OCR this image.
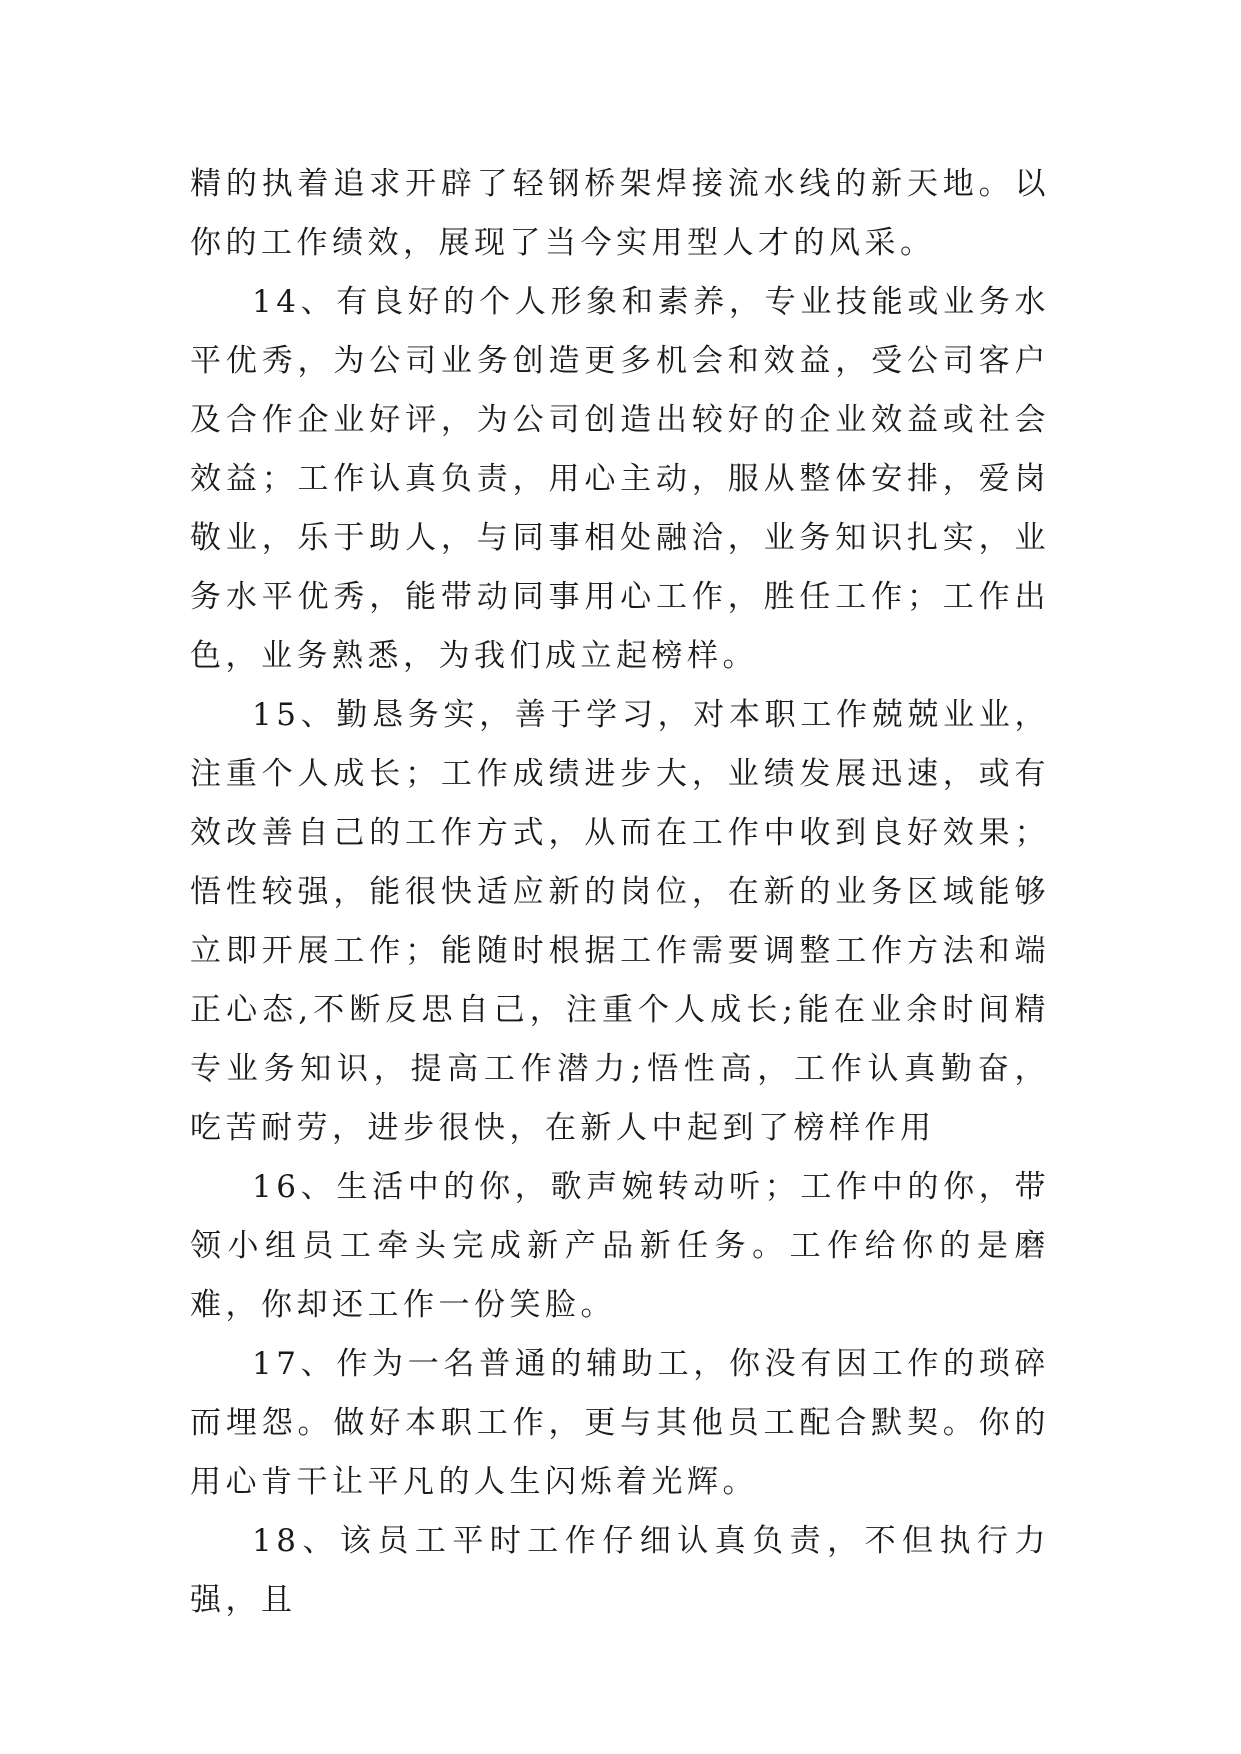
精的执着追求开辟了轻钢桥架焊接流水线的新天地。以你的工作绩效，展现了当今实用型人才的风采。

14、有良好的个人形象和素养，专业技能或业务水平优秀，为公司业务创造更多机会和效益，受公司客户及合作企业好评，为公司创造出较好的企业效益或社会效益；工作认真负责，用心主动，服从整体安排，爱岗敬业，乐于助人，与同事相处融洽，业务知识扎实，业务水平优秀，能带动同事用心工作，胜任工作；工作出色，业务熟悉，为我们成立起榜样。

15、勤恳务实，善于学习，对本职工作兢兢业业，注重个人成长；工作成绩进步大，业绩发展迅速，或有效改善自己的工作方式，从而在工作中收到良好效果；悟性较强，能很快适应新的岗位，在新的业务区域能够立即开展工作；能随时根据工作需要调整工作方法和端正心态,不断反思自己，注重个人成长;能在业余时间精专业务知识，提高工作潜力;悟性高，工作认真勤奋，吃苦耐劳，进步很快，在新人中起到了榜样作用

16、生活中的你，歌声婉转动听；工作中的你，带领小组员工牵头完成新产品新任务。工作给你的是磨难，你却还工作一份笑脸。

17、作为一名普通的辅助工，你没有因工作的琐碎而埋怨。做好本职工作，更与其他员工配合默契。你的用心肯干让平凡的人生闪烁着光辉。

18、该员工平时工作仔细认真负责，不但执行力强，且
